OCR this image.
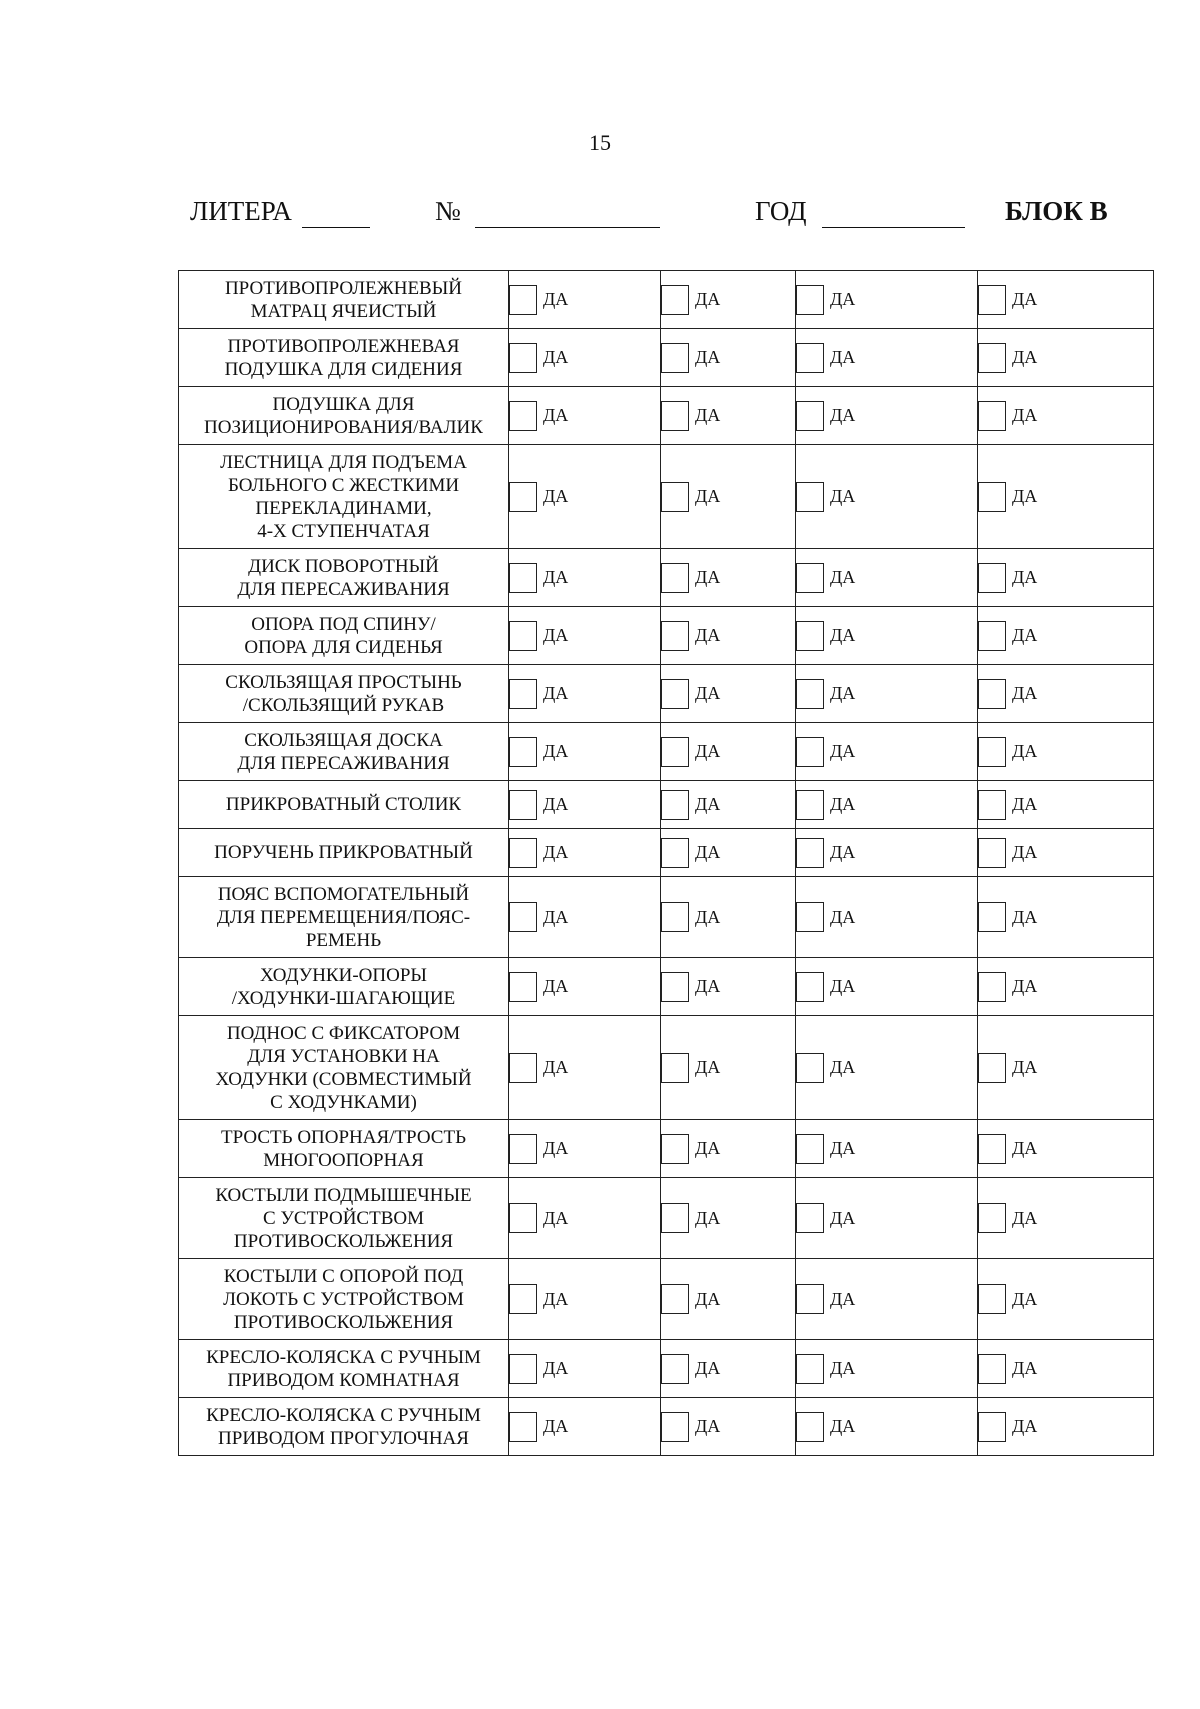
15
ЛИТЕРА	№	ГОД	БЛОК В
ПРОТИВОПРОЛЕЖНЕВЫЙ
МАТРАЦ ЯЧЕИСТЫЙ	ДА	ДА	ДА	ДА

ПРОТИВОПРОЛЕЖНЕВАЯ
ПОДУШКА ДЛЯ СИДЕНИЯ	ДА	ДА	ДА	ДА

ПОДУШКА ДЛЯ
ПОЗИЦИОНИРОВАНИЯ/ВАЛИК	ДА	ДА	ДА	ДА

ЛЕСТНИЦА ДЛЯ ПОДЪЕМА
БОЛЬНОГО С ЖЕСТКИМИ
ПЕРЕКЛАДИНАМИ,
4-Х СТУПЕНЧАТАЯ	ДА	ДА	ДА	ДА

ДИСК ПОВОРОТНЫЙ
ДЛЯ ПЕРЕСАЖИВАНИЯ	ДА	ДА	ДА	ДА

ОПОРА ПОД СПИНУ/
ОПОРА ДЛЯ СИДЕНЬЯ	ДА	ДА	ДА	ДА

СКОЛЬЗЯЩАЯ ПРОСТЫНЬ
/СКОЛЬЗЯЩИЙ РУКАВ	ДА	ДА	ДА	ДА

СКОЛЬЗЯЩАЯ ДОСКА
ДЛЯ ПЕРЕСАЖИВАНИЯ	ДА	ДА	ДА	ДА

ПРИКРОВАТНЫЙ СТОЛИК	ДА	ДА	ДА	ДА

ПОРУЧЕНЬ ПРИКРОВАТНЫЙ	ДА	ДА	ДА	ДА

ПОЯС ВСПОМОГАТЕЛЬНЫЙ
ДЛЯ ПЕРЕМЕЩЕНИЯ/ПОЯС-
РЕМЕНЬ	ДА	ДА	ДА	ДА

ХОДУНКИ-ОПОРЫ
/ХОДУНКИ-ШАГАЮЩИЕ	ДА	ДА	ДА	ДА

ПОДНОС С ФИКСАТОРОМ
ДЛЯ УСТАНОВКИ НА
ХОДУНКИ (СОВМЕСТИМЫЙ
С ХОДУНКАМИ)	ДА	ДА	ДА	ДА

ТРОСТЬ ОПОРНАЯ/ТРОСТЬ
МНОГООПОРНАЯ	ДА	ДА	ДА	ДА

КОСТЫЛИ ПОДМЫШЕЧНЫЕ
С УСТРОЙСТВОМ
ПРОТИВОСКОЛЬЖЕНИЯ	ДА	ДА	ДА	ДА

КОСТЫЛИ С ОПОРОЙ ПОД
ЛОКОТЬ С УСТРОЙСТВОМ
ПРОТИВОСКОЛЬЖЕНИЯ	ДА	ДА	ДА	ДА

КРЕСЛО-КОЛЯСКА С РУЧНЫМ
ПРИВОДОМ КОМНАТНАЯ	ДА	ДА	ДА	ДА

КРЕСЛО-КОЛЯСКА С РУЧНЫМ
ПРИВОДОМ ПРОГУЛОЧНАЯ	ДА	ДА	ДА	ДА
